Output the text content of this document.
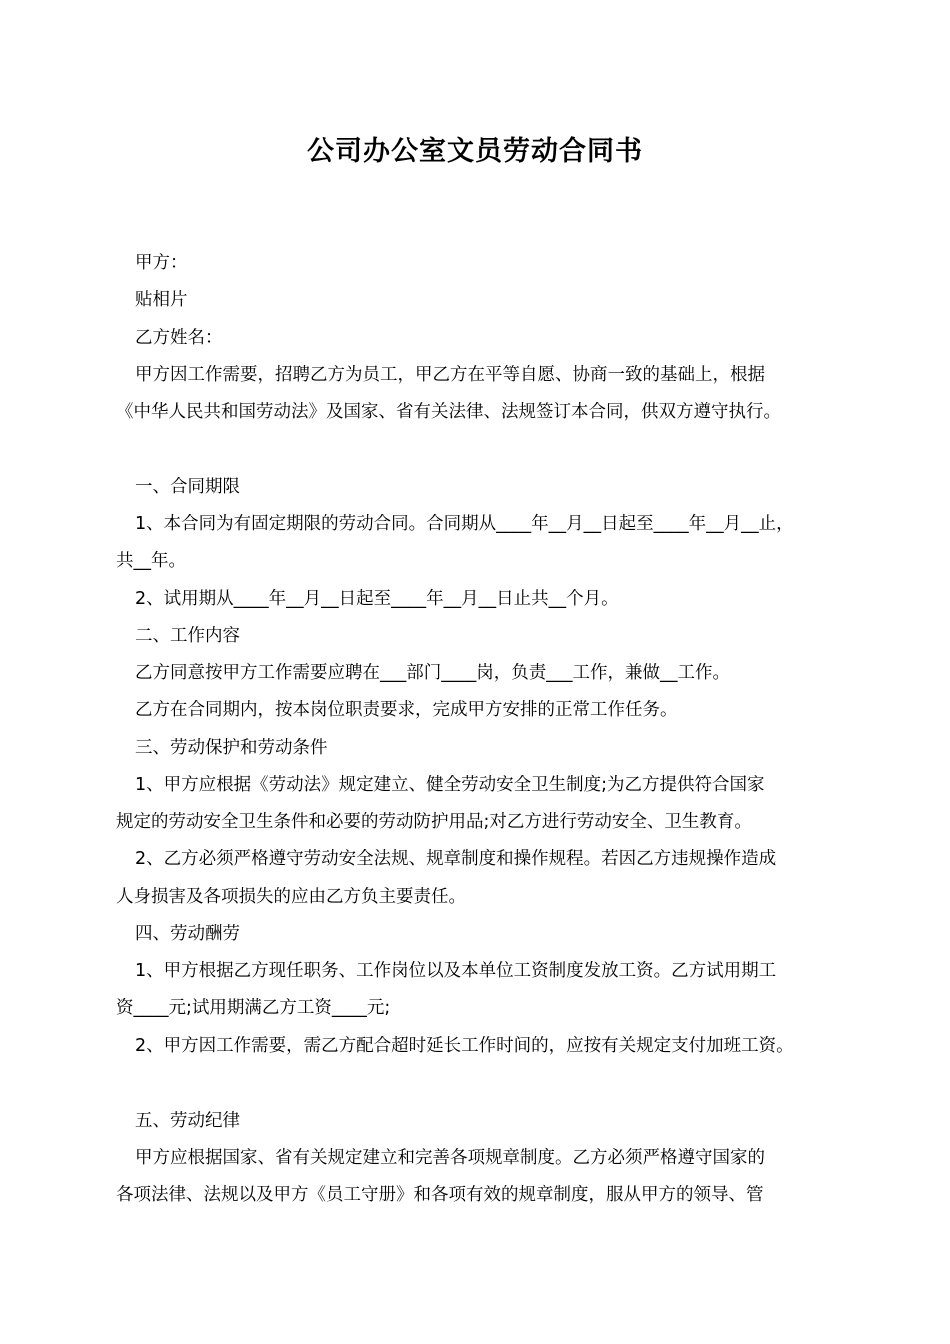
公司办公室文员劳动合同书
甲方：
贴相片
乙方姓名：
甲方因工作需要，招聘乙方为员工，甲乙方在平等自愿、协商一致的基础上，根据
《中华人民共和国劳动法》及国家、省有关法律、法规签订本合同，供双方遵守执行。
一、合同期限
1、本合同为有固定期限的劳动合同。合同期从____年__月__日起至____年__月__止，
共__年。
2、试用期从____年__月__日起至____年__月__日止共__个月。
二、工作内容
乙方同意按甲方工作需要应聘在___部门____岗，负责___工作，兼做__工作。
乙方在合同期内，按本岗位职责要求，完成甲方安排的正常工作任务。
三、劳动保护和劳动条件
1、甲方应根据《劳动法》规定建立、健全劳动安全卫生制度;为乙方提供符合国家
规定的劳动安全卫生条件和必要的劳动防护用品;对乙方进行劳动安全、卫生教育。
2、乙方必须严格遵守劳动安全法规、规章制度和操作规程。若因乙方违规操作造成
人身损害及各项损失的应由乙方负主要责任。
四、劳动酬劳
1、甲方根据乙方现任职务、工作岗位以及本单位工资制度发放工资。乙方试用期工
资____元;试用期满乙方工资____元;
2、甲方因工作需要，需乙方配合超时延长工作时间的，应按有关规定支付加班工资。
五、劳动纪律
甲方应根据国家、省有关规定建立和完善各项规章制度。乙方必须严格遵守国家的
各项法律、法规以及甲方《员工守册》和各项有效的规章制度，服从甲方的领导、管
